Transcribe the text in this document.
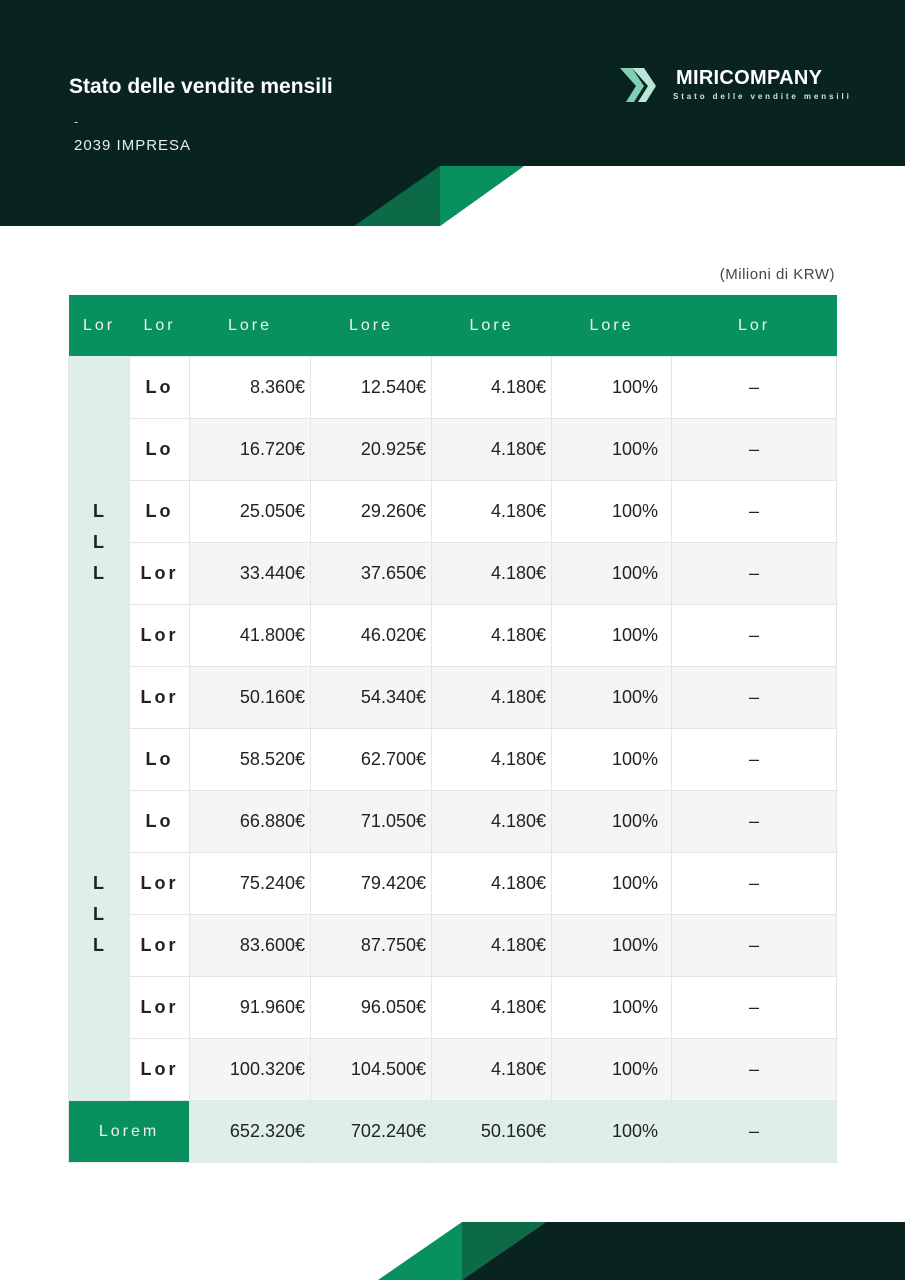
Stato delle vendite mensili
-
2039 IMPRESA
MIRICOMPANY
Stato delle vendite mensili
(Milioni di KRW)
Lor	Lor	Lore	Lore	Lore	Lore	Lor
L
L
L	Lo	8.360€	12.540€	4.180€	100%	–
	Lo	16.720€	20.925€	4.180€	100%	–
	Lo	25.050€	29.260€	4.180€	100%	–
	Lor	33.440€	37.650€	4.180€	100%	–
	Lor	41.800€	46.020€	4.180€	100%	–
	Lor	50.160€	54.340€	4.180€	100%	–
L
L
L	Lo	58.520€	62.700€	4.180€	100%	–
	Lo	66.880€	71.050€	4.180€	100%	–
	Lor	75.240€	79.420€	4.180€	100%	–
	Lor	83.600€	87.750€	4.180€	100%	–
	Lor	91.960€	96.050€	4.180€	100%	–
	Lor	100.320€	104.500€	4.180€	100%	–
Lorem		652.320€	702.240€	50.160€	100%	–
